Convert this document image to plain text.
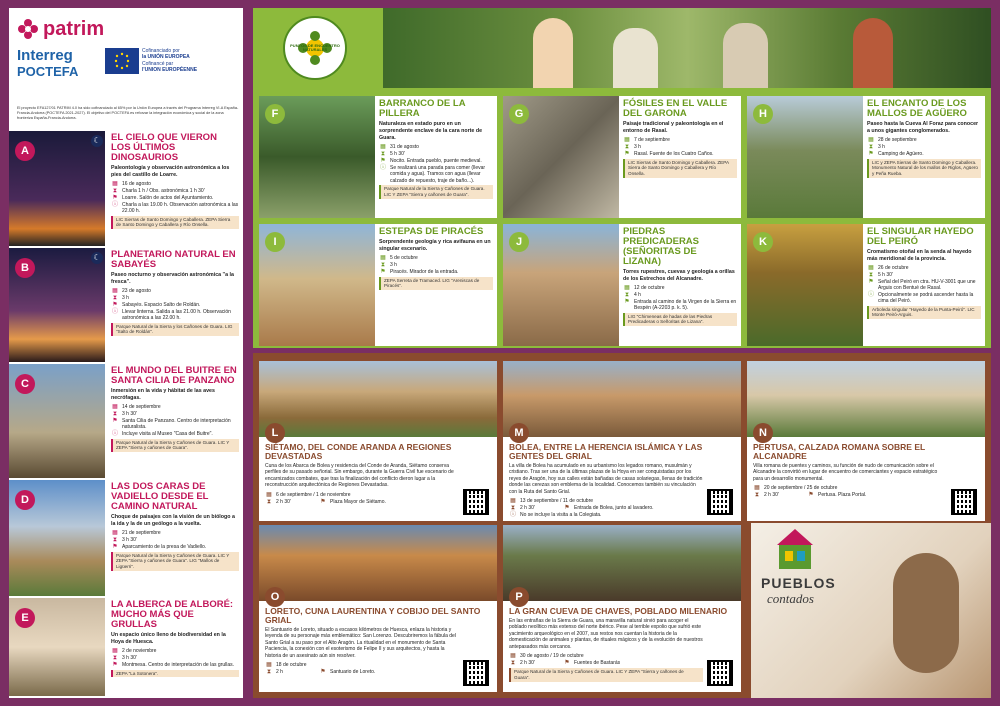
patrim
Interreg
POCTEFA
Cofinanciado por
la UNIÓN EUROPEA
Cofinancé par
l'UNION EUROPÉENNE
El proyecto EFA127/01 PATRIM 4.0 ha sido cofinanciado al 65% por la Unión Europea a través del Programa Interreg VI-A España-Francia-Andorra (POCTEFA 2021-2027). El objetivo del POCTEFA es reforzar la integración económica y social de la zona fronteriza España-Francia-Andorra.
A
☾ EL CIELO QUE VIERON LOS ÚLTIMOS DINOSAURIOS
Paleontología y observación astronómica a los pies del castillo de Loarre.
▦ 16 de agosto
⧗ Charla 1 h / Obs. astronómica 1 h 30'
⚑ Loarre. Salón de actos del Ayuntamiento.
ⓘ Charla a las 19.00 h. Observación astronómica a las 22.00 h.
LIC Sierras de Santo Domingo y Caballera. ZEPA Sierra de Santo Domingo y Caballera y Río Onsella.
B
☾ PLANETARIO NATURAL EN SABAYÉS
Paseo nocturno y observación astronómica "a la fresca".
▦ 23 de agosto
⧗ 3 h
⚑ Sabayés. Espacio Salto de Roldán.
ⓘ Llevar linterna. Salida a las 21.00 h. Observación astronómica a las 22.00 h.
Parque Natural de la Sierra y los Cañones de Guara. LIG "Salto de Roldán".
C
EL MUNDO DEL BUITRE EN SANTA CILIA DE PANZANO
Inmersión en la vida y hábitat de las aves necrófagas.
▦ 14 de septiembre
⧗ 3 h 30'
⚑ Santa Cilia de Panzano. Centro de interpretación naturalista.
ⓘ Incluye visita al Museo "Casa del Buitre".
Parque Natural de la Sierra y Cañones de Guara. LIC Y ZEPA "Sierra y cañones de Guara".
D
LAS DOS CARAS DE VADIELLO DESDE EL CAMINO NATURAL
Choque de paisajes con la visión de un biólogo a la ida y la de un geólogo a la vuelta.
▦ 21 de septiembre
⧗ 3 h 30'
⚑ Aparcamiento de la presa de Vadiello.
Parque Natural de la Sierra y Cañones de Guara. LIC Y ZEPA "Sierra y cañones de Guara". LIG "Mallos de Ligüerri".
E
LA ALBERCA DE ALBORÉ: MUCHO MÁS QUE GRULLAS
Un espacio único lleno de biodiversidad en la Hoya de Huesca.
▦ 2 de noviembre
⧗ 3 h 30'
⚑ Montmesa. Centro de interpretación de las grullas.
ZEPA "La Sotonera".
PUNTOS DE ENCUENTRO NATURALES
F
BARRANCO DE LA PILLERA
Naturaleza en estado puro en un sorprendente enclave de la cara norte de Guara.
▦ 31 de agosto
⧗ 5 h 30'
⚑ Nocito. Entrada pueblo, puente medieval.
ⓘ Se realizará una parada para comer (llevar comida y agua). Tramos con agua (llevar calzado de repuesto, traje de baño...).
Parque Natural de la Sierra y Cañones de Guara. LIC Y ZEPA "Sierra y cañones de Guara".
G
FÓSILES EN EL VALLE DEL GARONA
Paisaje tradicional y paleontología en el entorno de Rasal.
▦ 7 de septiembre
⧗ 3 h
⚑ Rasal. Fuente de los Cuatro Caños.
LIC Sierras de Santo Domingo y Caballera. ZEPA Sierra de Santo Domingo y Caballera y Río Onsella.
H
EL ENCANTO DE LOS MALLOS DE AGÜERO
Paseo hasta la Cueva Al Foraz para conocer a unos gigantes conglomerados.
▦ 28 de septiembre
⧗ 3 h
⚑ Camping de Agüero.
LIC y ZEPA Sierras de Santo Domingo y Caballera. Monumento Natural de los mallos de Riglos, Agüero y Peña Rueba.
I
ESTEPAS DE PIRACÉS
Sorprendente geología y rica avifauna en un singular escenario.
▦ 5 de octubre
⧗ 3 h
⚑ Piracés. Mirador de la entrada.
ZEPA Serreta de Tramaced. LIG "Areniscas de Piracés".
J
PIEDRAS PREDICADERAS (SEÑORITAS DE LIZANA)
Torres rupestres, cuevas y geología a orillas de los Estrechos del Alcanadre.
▦ 12 de octubre
⧗ 4 h
⚑ Entrada al camino de la Virgen de la Sierra en Bespén (A-2203 p. k. 5).
LIG "Chimeneas de hadas de las Piedras Predicaderas o Señoritas de Lizana".
K
EL SINGULAR HAYEDO DEL PEIRÓ
Cromatismo otoñal en la senda al hayedo más meridional de la provincia.
▦ 26 de octubre
⧗ 5 h 30'
⚑ Señal del Peiró en ctra. HU-V-3001 que une Arguis con Bentué de Rasal.
ⓘ Opcionalmente se podrá ascender hasta la cima del Peiró.
Arboleda singular "Hayedo de la Punta-Peiró". LIC Monte Peiró-Arguis.
L
SIÉTAMO, DEL CONDE ARANDA A REGIONES DEVASTADAS
Cuna de los Abarca de Bolea y residencia del Conde de Aranda, Siétamo conserva perfiles de su pasado señorial. Sin embargo, durante la Guerra Civil fue escenario de encarnizados combates, que tras la finalización del conflicto dieron lugar a la reconstrucción arquitectónica de Regiones Devastadas.
▦ 6 de septiembre / 1 de noviembre
⧗ 2 h 30'	⚑ Plaza Mayor de Siétamo.
M
BOLEA, ENTRE LA HERENCIA ISLÁMICA Y LAS GENTES DEL GRIAL
La villa de Bolea ha acumulado en su urbanismo los legados romano, musulmán y cristiano. Tras ser una de la últimas plazas de la Hoya en ser conquistadas por los reyes de Aragón, hoy sus calles están bañadas de casas solariegas, llenas de tradición donde las cerezas son emblema de la localidad. Conocemos también su vinculación con la Ruta del Santo Grial.
▦ 13 de septiembre / 11 de octubre
⧗ 2 h 30'	⚑ Entrada de Bolea, junto al lavadero.
ⓘ No se incluye la visita a la Colegiata.
N
PERTUSA, CALZADA ROMANA SOBRE EL ALCANADRE
Villa romana de puentes y caminos, su función de nudo de comunicación sobre el Alcanadre la convirtió en lugar de encuentro de comerciantes y espacio estratégico para un desarrollo monumental.
▦ 20 de septiembre / 25 de octubre
⧗ 2 h 30'	⚑ Pertusa. Plaza Portal.
O
LORETO, CUNA LAURENTINA Y COBIJO DEL SANTO GRIAL
El Santuario de Loreto, situado a escasos kilómetros de Huesca, enlaza la historia y leyenda de su personaje más emblemático: San Lorenzo. Descubriremos la fábula del Santo Grial a su paso por el Alto Aragón. La ritualidad en el monumento de Santa Paciencia, la conexión con el esoterismo de Felipe II y sus arquitectos, y hasta la historia de un asesinato aún sin resolver.
▦ 18 de octubre
⧗ 2 h	⚑ Santuario de Loreto.
P
LA GRAN CUEVA DE CHAVES, POBLADO MILENARIO
En las entrañas de la Sierra de Guara, una maravilla natural sirvió para acoger el poblado neolítico más extenso del norte ibérico. Pese al terrible expolio que sufrió este yacimiento arqueológico en el 2007, sus restos nos cuentan la historia de la domesticación de animales y plantas, de rituales mágicos y de la evolución de nuestros antepasados más cercanos.
▦ 30 de agosto / 19 de octubre
⧗ 2 h 30'	⚑ Fuentes de Bastarás
Parque Natural de la Sierra y Cañones de Guara. LIC Y ZEPA "Sierra y cañones de Guara".
PUEBLOS
contados
